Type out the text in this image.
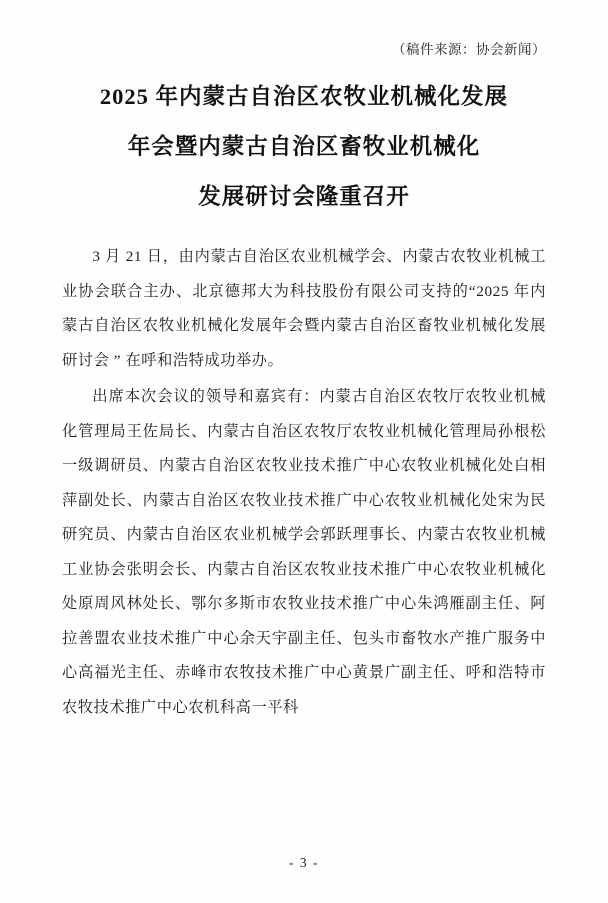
（稿件来源：协会新闻）
2025 年内蒙古自治区农牧业机械化发展
年会暨内蒙古自治区畜牧业机械化
发展研讨会隆重召开

3 月 21 日，由内蒙古自治区农业机械学会、内蒙古农牧业机械工业协会联合主办、北京德邦大为科技股份有限公司支持的“2025 年内蒙古自治区农牧业机械化发展年会暨内蒙古自治区畜牧业机械化发展研讨会 ” 在呼和浩特成功举办。

出席本次会议的领导和嘉宾有：内蒙古自治区农牧厅农牧业机械化管理局王佐局长、内蒙古自治区农牧厅农牧业机械化管理局孙根松一级调研员、内蒙古自治区农牧业技术推广中心农牧业机械化处白相萍副处长、内蒙古自治区农牧业技术推广中心农牧业机械化处宋为民研究员、内蒙古自治区农业机械学会郭跃理事长、内蒙古农牧业机械工业协会张明会长、内蒙古自治区农牧业技术推广中心农牧业机械化处原周风林处长、鄂尔多斯市农牧业技术推广中心朱鸿雁副主任、阿拉善盟农业技术推广中心余天宇副主任、包头市畜牧水产推广服务中心高福光主任、赤峰市农牧技术推广中心黄景广副主任、呼和浩特市农牧技术推广中心农机科高一平科

- 3 -
